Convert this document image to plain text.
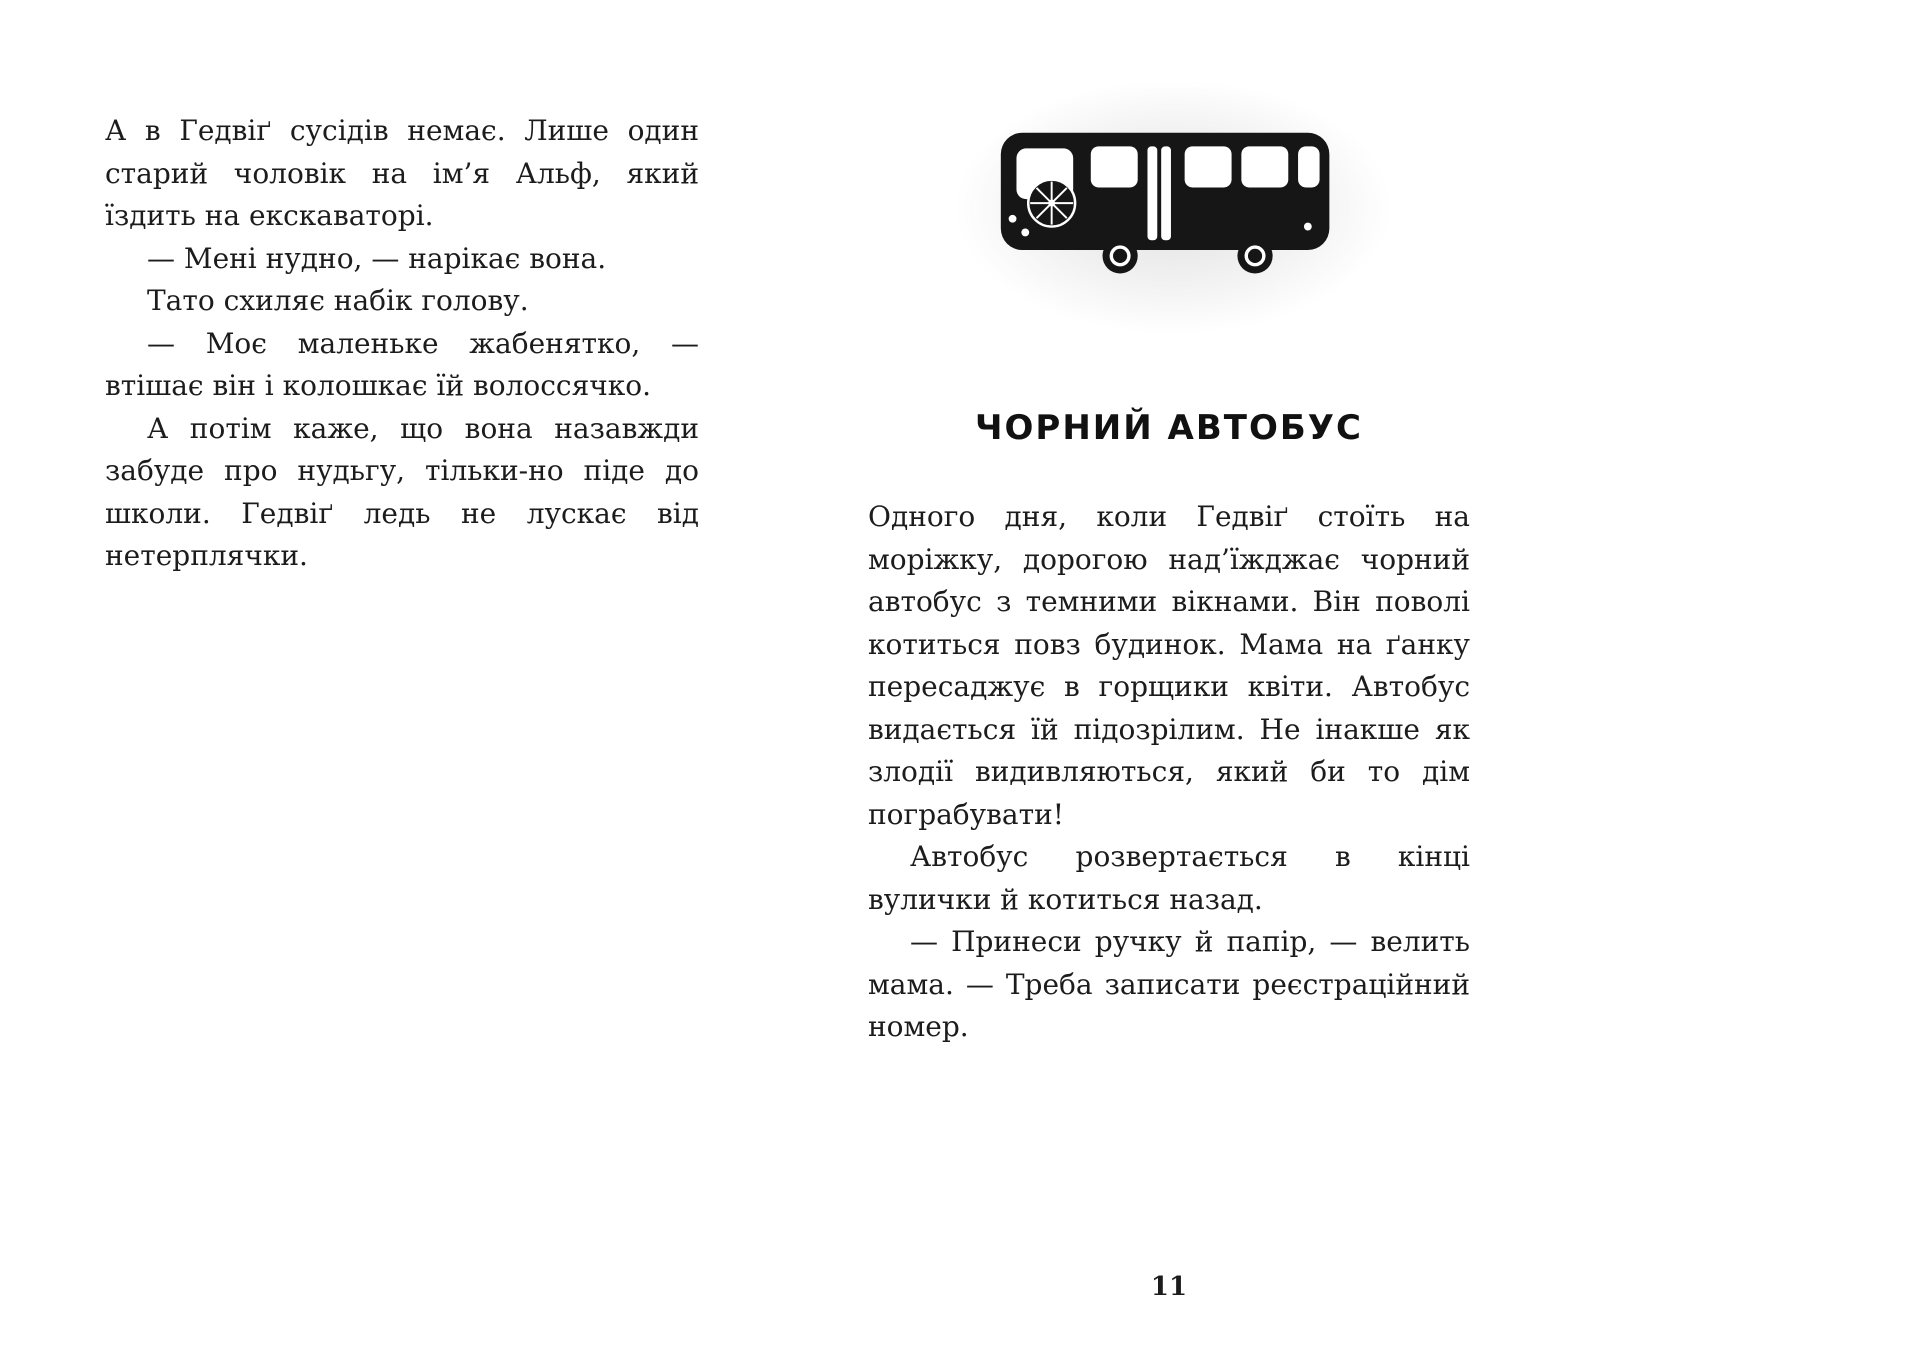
А в Гедвіґ сусідів немає. Лише один старий чоловік на ім’я Альф, який їздить на екскаваторі.

— Мені нудно, — нарікає вона.

Тато схиляє набік голову.

— Моє маленьке жабенятко, — втішає він і колошкає їй волоссячко.

А потім каже, що вона назавжди забуде про нудьгу, тільки-но піде до школи. Гедвіґ ледь не лускає від нетерплячки.

ЧОРНИЙ АВТОБУС

Одного дня, коли Гедвіґ стоїть на моріжку, дорогою над’їжджає чорний автобус з темними вікнами. Він поволі котиться повз будинок. Мама на ґанку пересаджує в горщики квіти. Автобус видається їй підозрілим. Не інакше як злодії видивляються, який би то дім пограбувати!

Автобус розвертається в кінці вулички й котиться назад.

— Принеси ручку й папір, — велить мама. — Треба записати реєстраційний номер.

11
